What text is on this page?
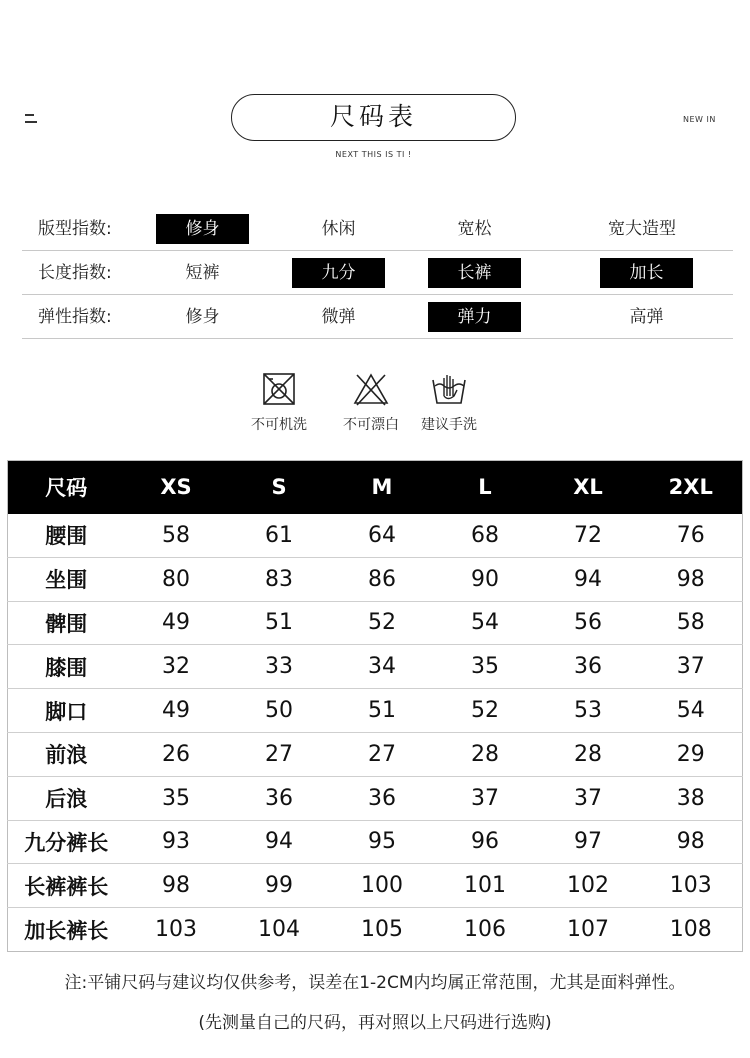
尺码表
NEXT THIS IS TI !
NEW IN
版型指数:	修身	休闲	宽松	宽大造型
长度指数:	短裤	九分	长裤	加长
弹性指数:	修身	微弹	弹力	高弹
不可机洗	不可漂白	建议手洗
尺码	XS	S	M	L	XL	2XL
腰围	58	61	64	68	72	76
坐围	80	83	86	90	94	98
髀围	49	51	52	54	56	58
膝围	32	33	34	35	36	37
脚口	49	50	51	52	53	54
前浪	26	27	27	28	28	29
后浪	35	36	36	37	37	38
九分裤长	93	94	95	96	97	98
长裤裤长	98	99	100	101	102	103
加长裤长	103	104	105	106	107	108
注:平铺尺码与建议均仅供参考，误差在1-2CM内均属正常范围，尤其是面料弹性。
(先测量自己的尺码，再对照以上尺码进行选购)
